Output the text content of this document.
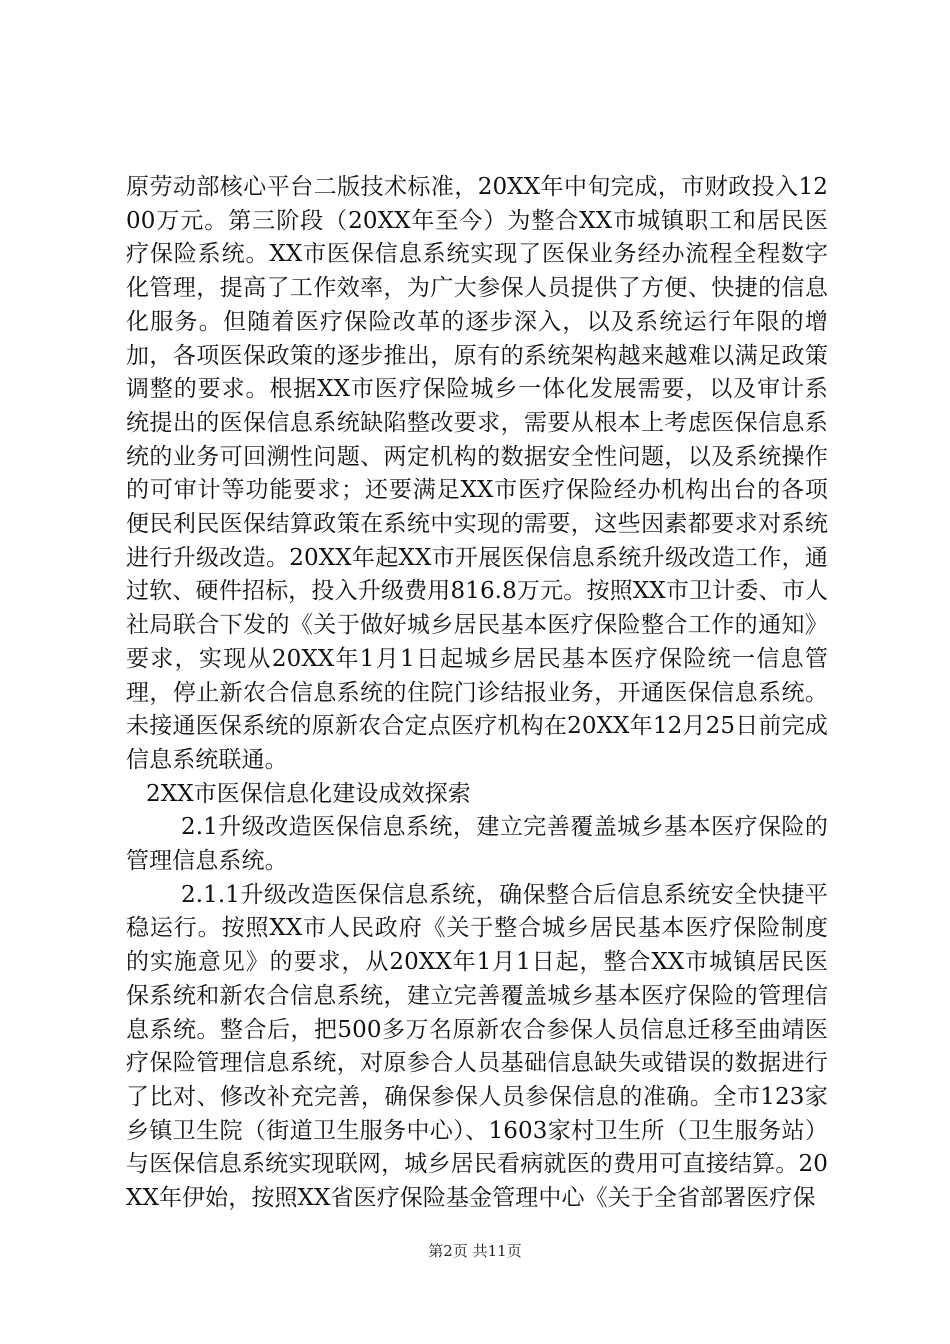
原劳动部核心平台二版技术标准，20XX年中旬完成，市财政投入1200万元。第三阶段（20XX年至今）为整合XX市城镇职工和居民医疗保险系统。XX市医保信息系统实现了医保业务经办流程全程数字化管理，提高了工作效率，为广大参保人员提供了方便、快捷的信息化服务。但随着医疗保险改革的逐步深入，以及系统运行年限的增加，各项医保政策的逐步推出，原有的系统架构越来越难以满足政策调整的要求。根据XX市医疗保险城乡一体化发展需要，以及审计系统提出的医保信息系统缺陷整改要求，需要从根本上考虑医保信息系统的业务可回溯性问题、两定机构的数据安全性问题，以及系统操作的可审计等功能要求；还要满足XX市医疗保险经办机构出台的各项便民利民医保结算政策在系统中实现的需要，这些因素都要求对系统进行升级改造。20XX年起XX市开展医保信息系统升级改造工作，通过软、硬件招标，投入升级费用816.8万元。按照XX市卫计委、市人社局联合下发的《关于做好城乡居民基本医疗保险整合工作的通知》要求，实现从20XX年1月1日起城乡居民基本医疗保险统一信息管理，停止新农合信息系统的住院门诊结报业务，开通医保信息系统。未接通医保系统的原新农合定点医疗机构在20XX年12月25日前完成信息系统联通。

2XX市医保信息化建设成效探索

2.1升级改造医保信息系统，建立完善覆盖城乡基本医疗保险的管理信息系统。

2.1.1升级改造医保信息系统，确保整合后信息系统安全快捷平稳运行。按照XX市人民政府《关于整合城乡居民基本医疗保险制度的实施意见》的要求，从20XX年1月1日起，整合XX市城镇居民医保系统和新农合信息系统，建立完善覆盖城乡基本医疗保险的管理信息系统。整合后，把500多万名原新农合参保人员信息迁移至曲靖医疗保险管理信息系统，对原参合人员基础信息缺失或错误的数据进行了比对、修改补充完善，确保参保人员参保信息的准确。全市123家乡镇卫生院（街道卫生服务中心）、1603家村卫生所（卫生服务站）与医保信息系统实现联网，城乡居民看病就医的费用可直接结算。20XX年伊始，按照XX省医疗保险基金管理中心《关于全省部署医疗保

第2页 共11页
